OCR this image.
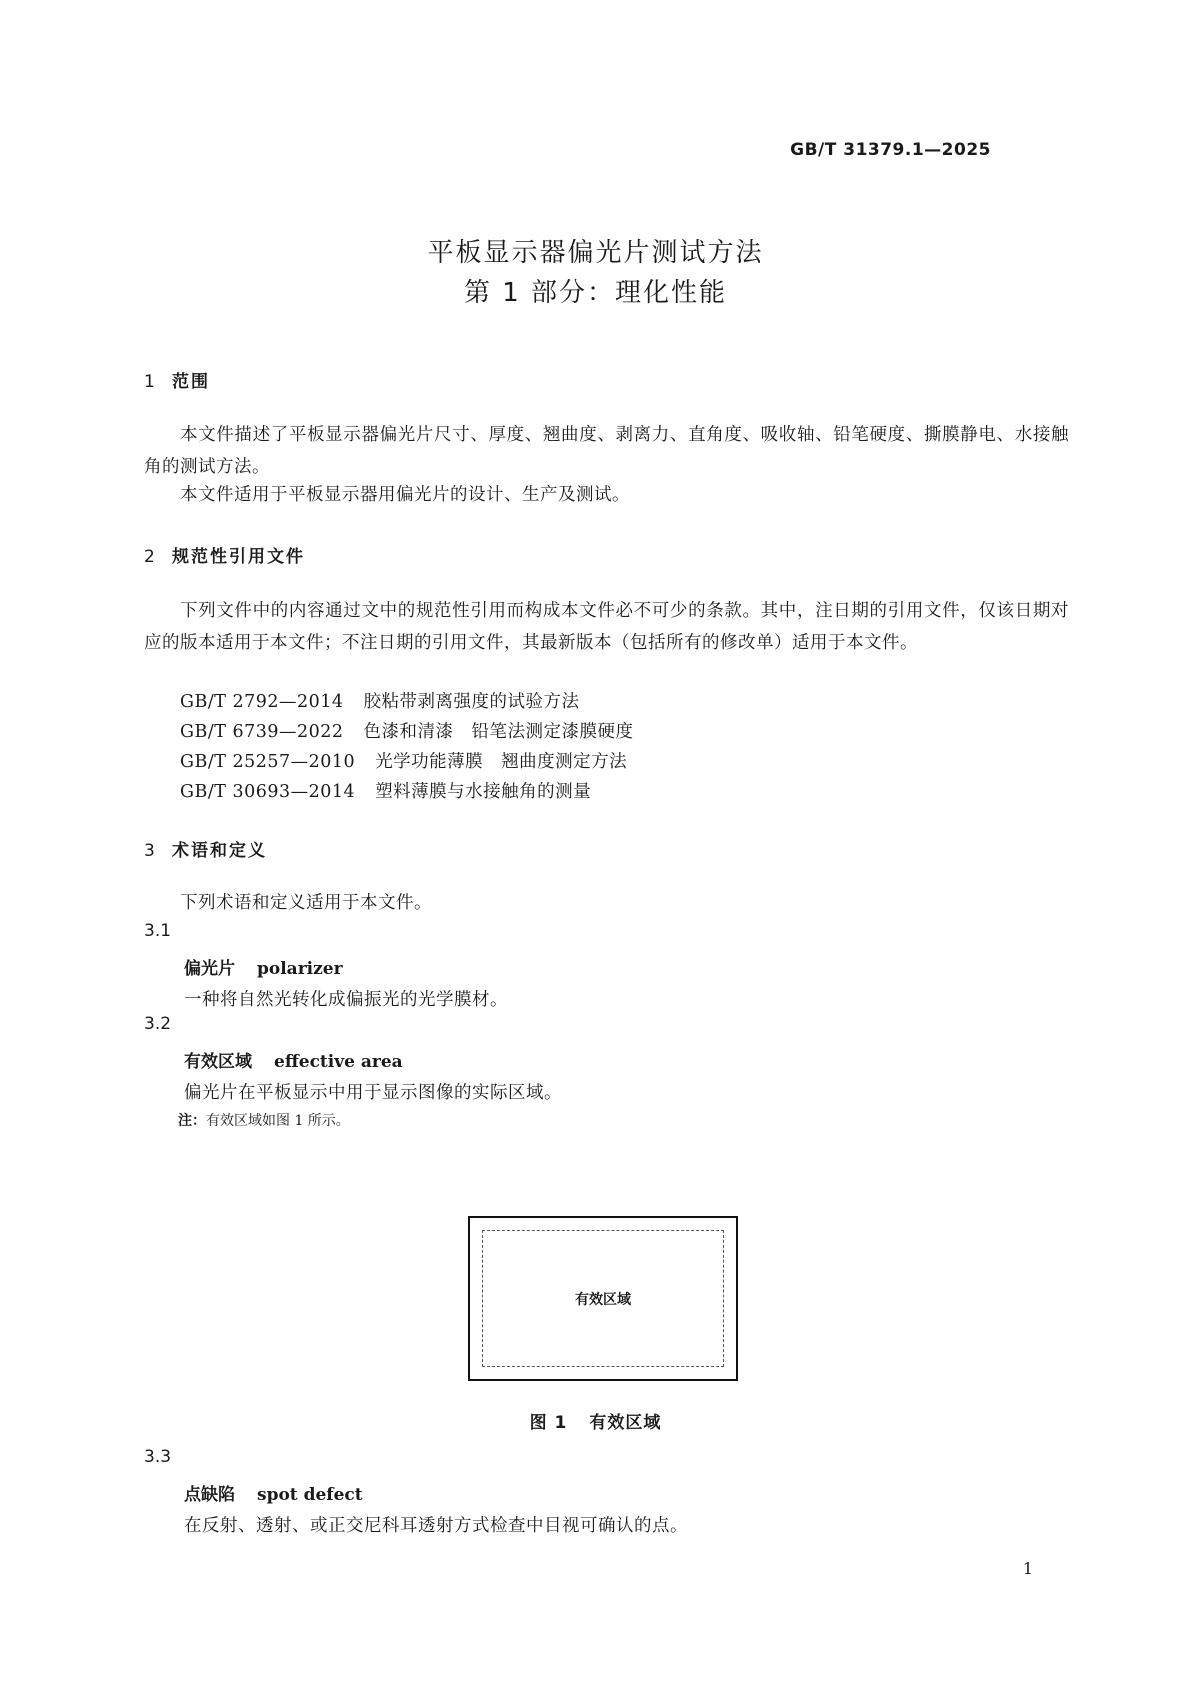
GB/T 31379.1—2025
平板显示器偏光片测试方法
第 1 部分：理化性能
1 范围
本文件描述了平板显示器偏光片尺寸、厚度、翘曲度、剥离力、直角度、吸收轴、铅笔硬度、撕膜静电、水接触角的测试方法。
本文件适用于平板显示器用偏光片的设计、生产及测试。
2 规范性引用文件
下列文件中的内容通过文中的规范性引用而构成本文件必不可少的条款。其中，注日期的引用文件，仅该日期对应的版本适用于本文件；不注日期的引用文件，其最新版本（包括所有的修改单）适用于本文件。
GB/T 2792—2014 胶粘带剥离强度的试验方法
GB/T 6739—2022 色漆和清漆　铅笔法测定漆膜硬度
GB/T 25257—2010 光学功能薄膜　翘曲度测定方法
GB/T 30693—2014 塑料薄膜与水接触角的测量
3 术语和定义
下列术语和定义适用于本文件。
3.1
偏光片 polarizer
一种将自然光转化成偏振光的光学膜材。
3.2
有效区域 effective area
偏光片在平板显示中用于显示图像的实际区域。
注：有效区域如图 1 所示。
有效区域
图 1 有效区域
3.3
点缺陷 spot defect
在反射、透射、或正交尼科耳透射方式检查中目视可确认的点。
1
